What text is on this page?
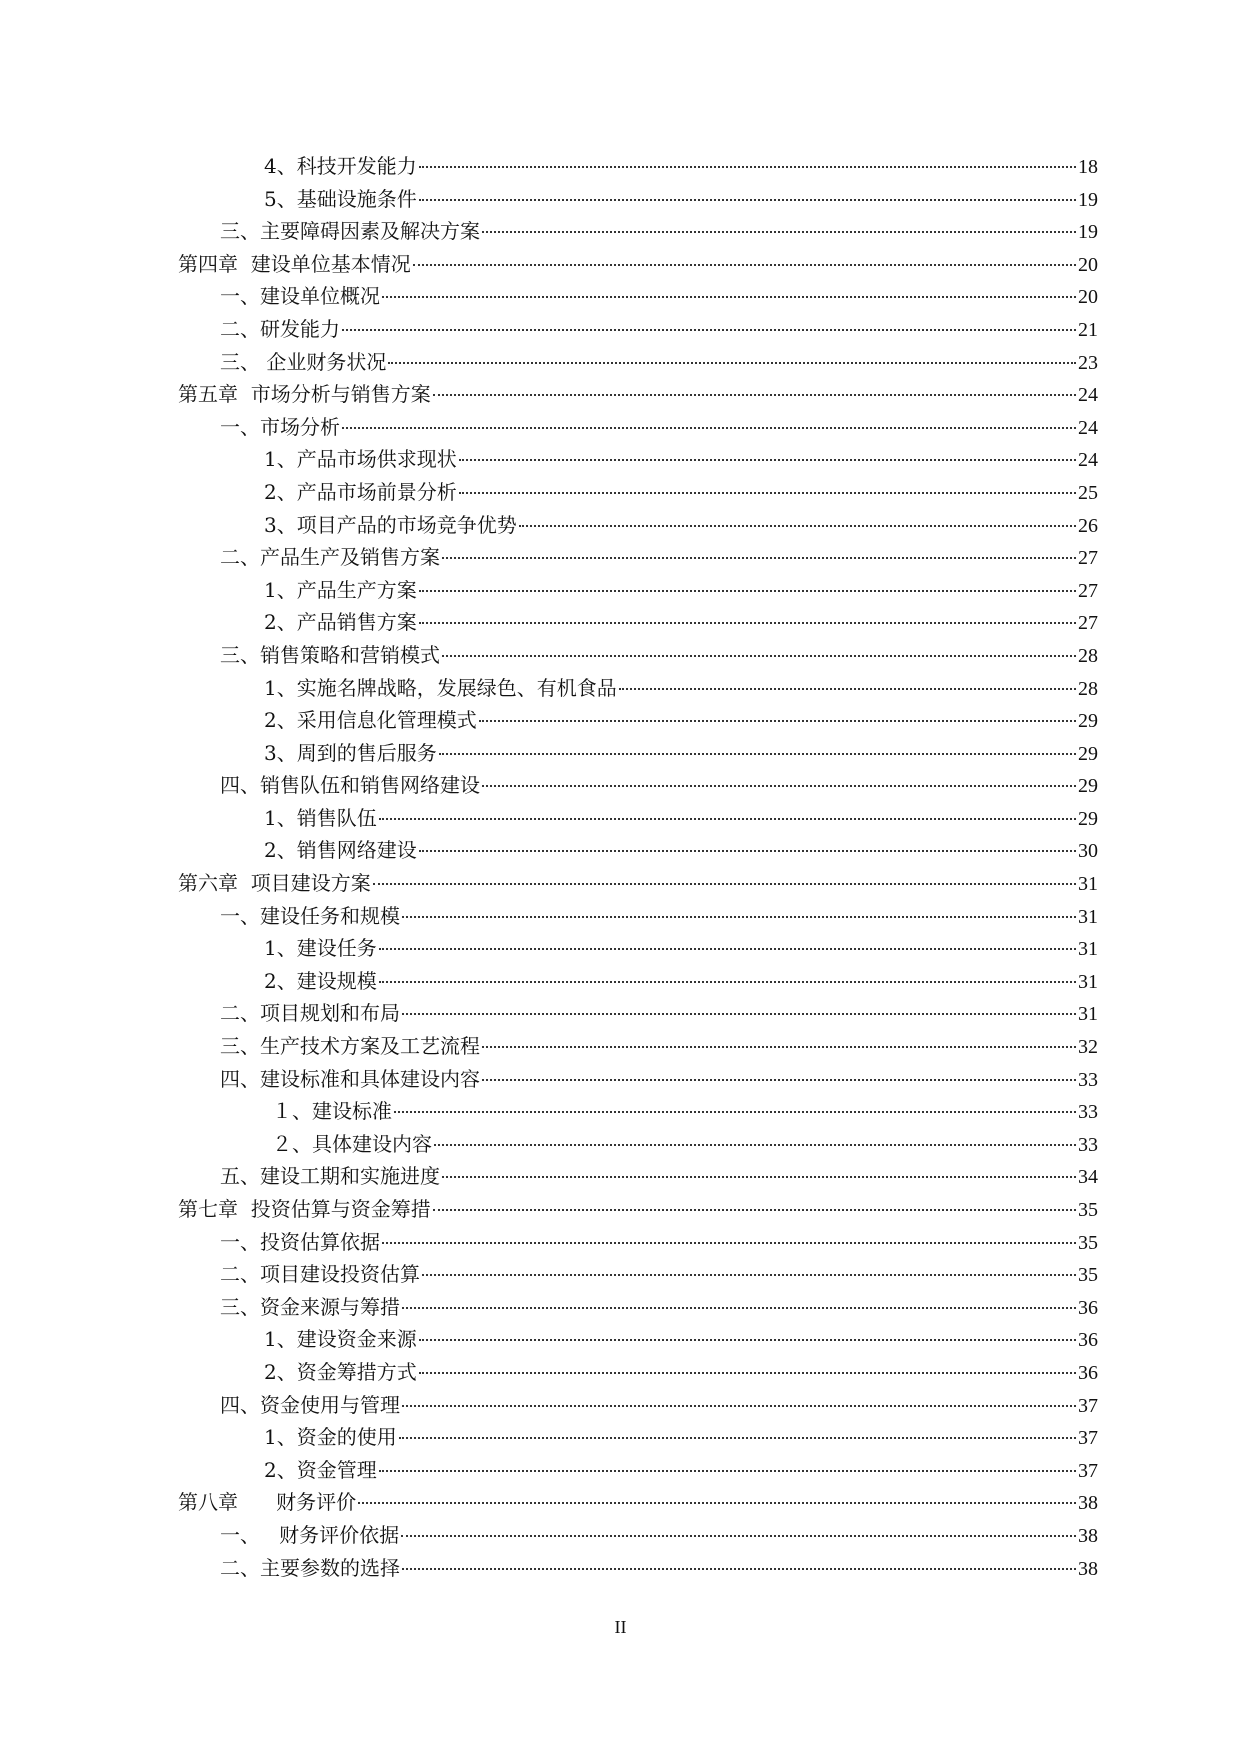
4、科技开发能力	18
5、基础设施条件	19
三、主要障碍因素及解决方案	19
第四章  建设单位基本情况	20
一、建设单位概况	20
二、研发能力	21
三、 企业财务状况	23
第五章  市场分析与销售方案	24
一、市场分析	24
1、产品市场供求现状	24
2、产品市场前景分析	25
3、项目产品的市场竞争优势	26
二、产品生产及销售方案	27
1、产品生产方案	27
2、产品销售方案	27
三、销售策略和营销模式	28
1、实施名牌战略，发展绿色、有机食品	28
2、采用信息化管理模式	29
3、周到的售后服务	29
四、销售队伍和销售网络建设	29
1、销售队伍	29
2、销售网络建设	30
第六章  项目建设方案	31
一、建设任务和规模	31
1、建设任务	31
2、建设规模	31
二、项目规划和布局	31
三、生产技术方案及工艺流程	32
四、建设标准和具体建设内容	33
１、建设标准	33
２、具体建设内容	33
五、建设工期和实施进度	34
第七章  投资估算与资金筹措	35
一、投资估算依据	35
二、项目建设投资估算	35
三、资金来源与筹措	36
1、建设资金来源	36
2、资金筹措方式	36
四、资金使用与管理	37
1、资金的使用	37
2、资金管理	37
第八章      财务评价	38
一、   财务评价依据	38
二、主要参数的选择	38
II
